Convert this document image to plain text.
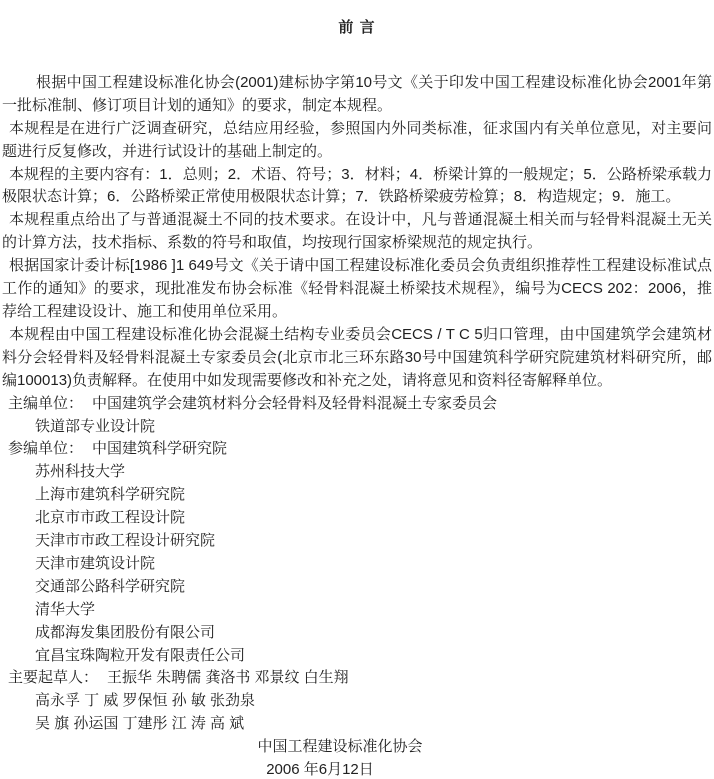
前 言

根据中国工程建设标准化协会(2001)建标协字第10号文《关于印发中国工程建设标准化协会2001年第一批标准制、修订项目计划的通知》的要求，制定本规程。

本规程是在进行广泛调查研究，总结应用经验，参照国内外同类标准，征求国内有关单位意见，对主要问题进行反复修改，并进行试设计的基础上制定的。

本规程的主要内容有：1．总则；2．术语、符号；3．材料；4．桥梁计算的一般规定；5．公路桥梁承载力极限状态计算；6．公路桥梁正常使用极限状态计算；7．铁路桥梁疲劳检算；8．构造规定；9．施工。

本规程重点给出了与普通混凝土不同的技术要求。在设计中，凡与普通混凝土相关而与轻骨料混凝土无关的计算方法，技术指标、系数的符号和取值，均按现行国家桥梁规范的规定执行。

根据国家计委计标[1986 ]1 649号文《关于请中国工程建设标准化委员会负责组织推荐性工程建设标准试点工作的通知》的要求，现批准发布协会标准《轻骨料混凝土桥梁技术规程》，编号为CECS 202：2006，推荐给工程建设设计、施工和使用单位采用。

本规程由中国工程建设标准化协会混凝土结构专业委员会CECS / T C 5归口管理，由中国建筑学会建筑材料分会轻骨料及轻骨料混凝土专家委员会(北京市北三环东路30号中国建筑科学研究院建筑材料研究所，邮编100013)负责解释。在使用中如发现需要修改和补充之处，请将意见和资料径寄解释单位。

主编单位： 中国建筑学会建筑材料分会轻骨料及轻骨料混凝土专家委员会
铁道部专业设计院
参编单位： 中国建筑科学研究院
苏州科技大学
上海市建筑科学研究院
北京市市政工程设计院
天津市市政工程设计研究院
天津市建筑设计院
交通部公路科学研究院
清华大学
成都海发集团股份有限公司
宜昌宝珠陶粒开发有限责任公司
主要起草人： 王振华 朱聘儒 龚洛书 邓景纹 白生翔
高永孚 丁 威 罗保恒 孙 敏 张劲泉
吴 旗 孙运国 丁建彤 江 涛 高 斌
中国工程建设标准化协会
2006 年6月12日
